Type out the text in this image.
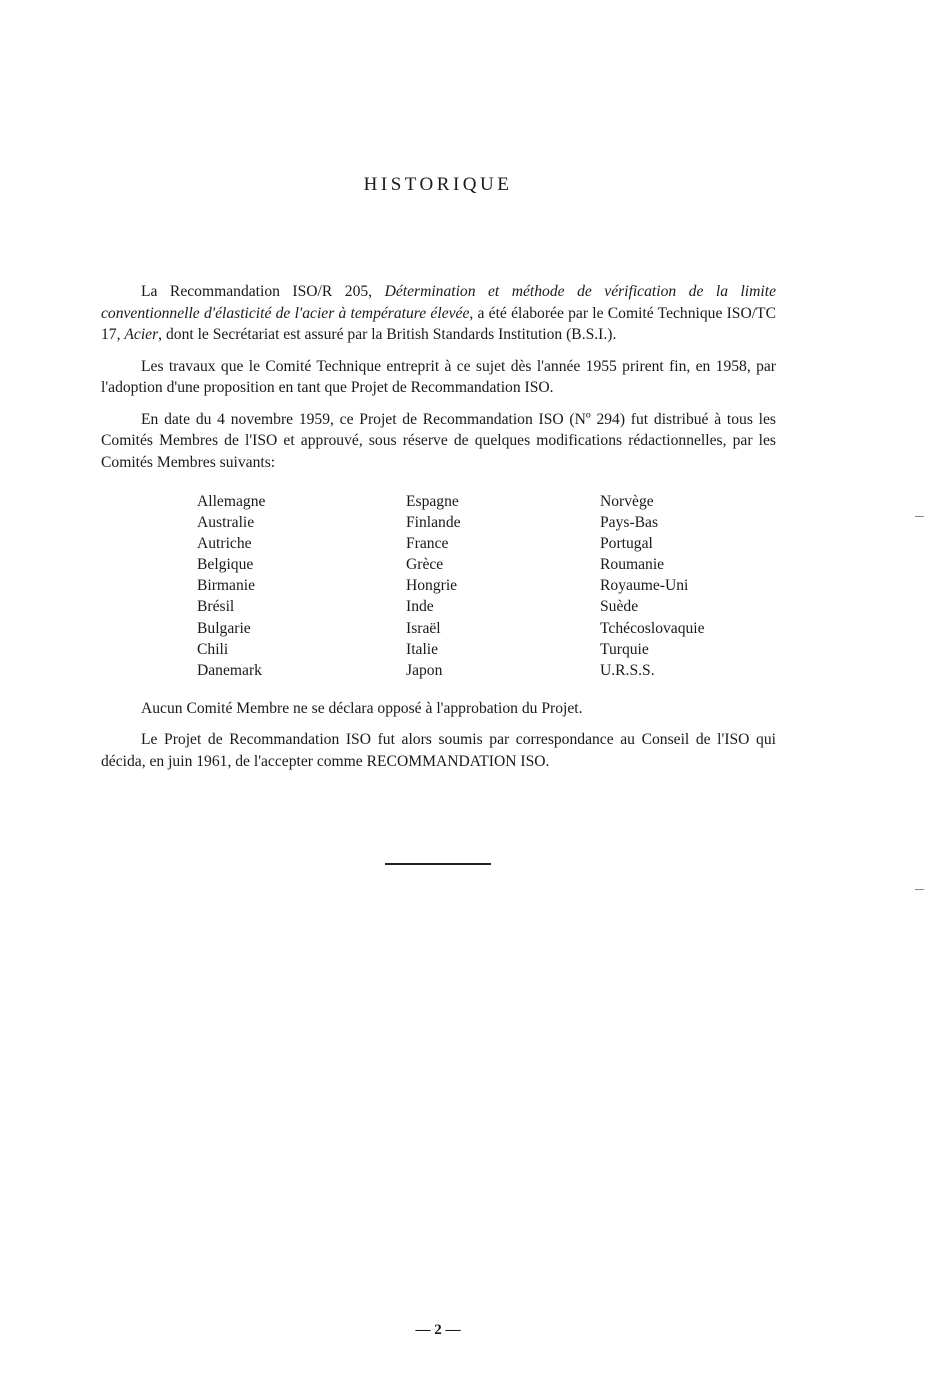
HISTORIQUE

La Recommandation ISO/R 205, Détermination et méthode de vérification de la limite conventionnelle d'élasticité de l'acier à température élevée, a été élaborée par le Comité Technique ISO/TC 17, Acier, dont le Secrétariat est assuré par la British Standards Institution (B.S.I.).

Les travaux que le Comité Technique entreprit à ce sujet dès l'année 1955 prirent fin, en 1958, par l'adoption d'une proposition en tant que Projet de Recommandation ISO.

En date du 4 novembre 1959, ce Projet de Recommandation ISO (Nº 294) fut distribué à tous les Comités Membres de l'ISO et approuvé, sous réserve de quelques modifications rédactionnelles, par les Comités Membres suivants:

Allemagne
Australie
Autriche
Belgique
Birmanie
Brésil
Bulgarie
Chili
Danemark
Espagne
Finlande
France
Grèce
Hongrie
Inde
Israël
Italie
Japon
Norvège
Pays-Bas
Portugal
Roumanie
Royaume-Uni
Suède
Tchécoslovaquie
Turquie
U.R.S.S.

Aucun Comité Membre ne se déclara opposé à l'approbation du Projet.

Le Projet de Recommandation ISO fut alors soumis par correspondance au Conseil de l'ISO qui décida, en juin 1961, de l'accepter comme RECOMMANDATION ISO.

— 2 —
